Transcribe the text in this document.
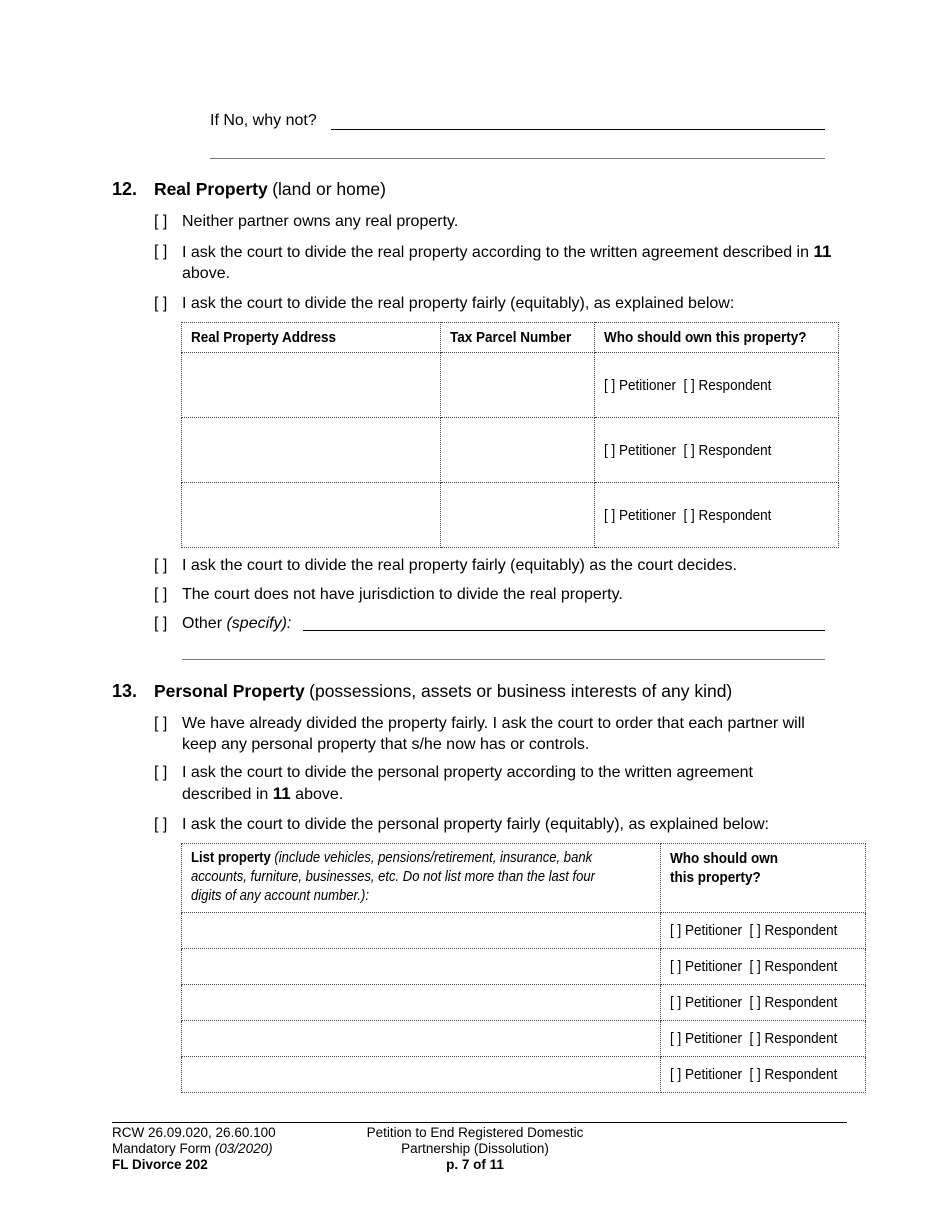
If No, why not?
12. Real Property (land or home)
[ ] Neither partner owns any real property.
[ ] I ask the court to divide the real property according to the written agreement described in 11 above.
[ ] I ask the court to divide the real property fairly (equitably), as explained below:
Real Property Address	Tax Parcel Number	Who should own this property?
		[ ] Petitioner [ ] Respondent
		[ ] Petitioner [ ] Respondent
		[ ] Petitioner [ ] Respondent
[ ] I ask the court to divide the real property fairly (equitably) as the court decides.
[ ] The court does not have jurisdiction to divide the real property.
[ ] Other (specify):
13. Personal Property (possessions, assets or business interests of any kind)
[ ] We have already divided the property fairly. I ask the court to order that each partner will keep any personal property that s/he now has or controls.
[ ] I ask the court to divide the personal property according to the written agreement described in 11 above.
[ ] I ask the court to divide the personal property fairly (equitably), as explained below:
List property (include vehicles, pensions/retirement, insurance, bank accounts, furniture, businesses, etc. Do not list more than the last four digits of any account number.):	Who should own this property?

	[ ] Petitioner [ ] Respondent
	[ ] Petitioner [ ] Respondent
	[ ] Petitioner [ ] Respondent
	[ ] Petitioner [ ] Respondent
	[ ] Petitioner [ ] Respondent
RCW 26.09.020, 26.60.100
Mandatory Form (03/2020)
FL Divorce 202
Petition to End Registered Domestic
Partnership (Dissolution)
p. 7 of 11
